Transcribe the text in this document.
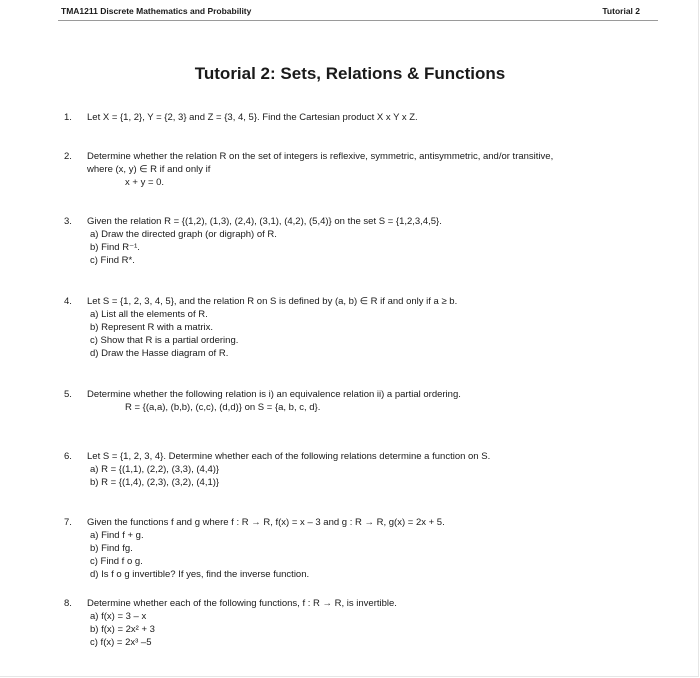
TMA1211 Discrete Mathematics and Probability	Tutorial 2
Tutorial 2: Sets, Relations & Functions
1. Let X = {1, 2}, Y = {2, 3} and Z = {3, 4, 5}. Find the Cartesian product X x Y x Z.
2. Determine whether the relation R on the set of integers is reflexive, symmetric, antisymmetric, and/or transitive,
where (x, y) ∈ R if and only if
x + y = 0.
3. Given the relation R = {(1,2), (1,3), (2,4), (3,1), (4,2), (5,4)} on the set S = {1,2,3,4,5}.
a) Draw the directed graph (or digraph) of R.
b) Find R⁻¹.
c) Find R*.
4. Let S = {1, 2, 3, 4, 5}, and the relation R on S is defined by (a, b) ∈ R if and only if a ≥ b.
a) List all the elements of R.
b) Represent R with a matrix.
c) Show that R is a partial ordering.
d) Draw the Hasse diagram of R.
5. Determine whether the following relation is i) an equivalence relation ii) a partial ordering.
R = {(a,a), (b,b), (c,c), (d,d)} on S = {a, b, c, d}.
6. Let S = {1, 2, 3, 4}. Determine whether each of the following relations determine a function on S.
a) R = {(1,1), (2,2), (3,3), (4,4)}
b) R = {(1,4), (2,3), (3,2), (4,1)}
7. Given the functions f and g where f : R → R, f(x) = x – 3 and g : R → R, g(x) = 2x + 5.
a) Find f + g.
b) Find fg.
c) Find f o g.
d) Is f o g invertible? If yes, find the inverse function.
8. Determine whether each of the following functions, f : R → R, is invertible.
a) f(x) = 3 – x
b) f(x) = 2x² + 3
c) f(x) = 2x³ –5
